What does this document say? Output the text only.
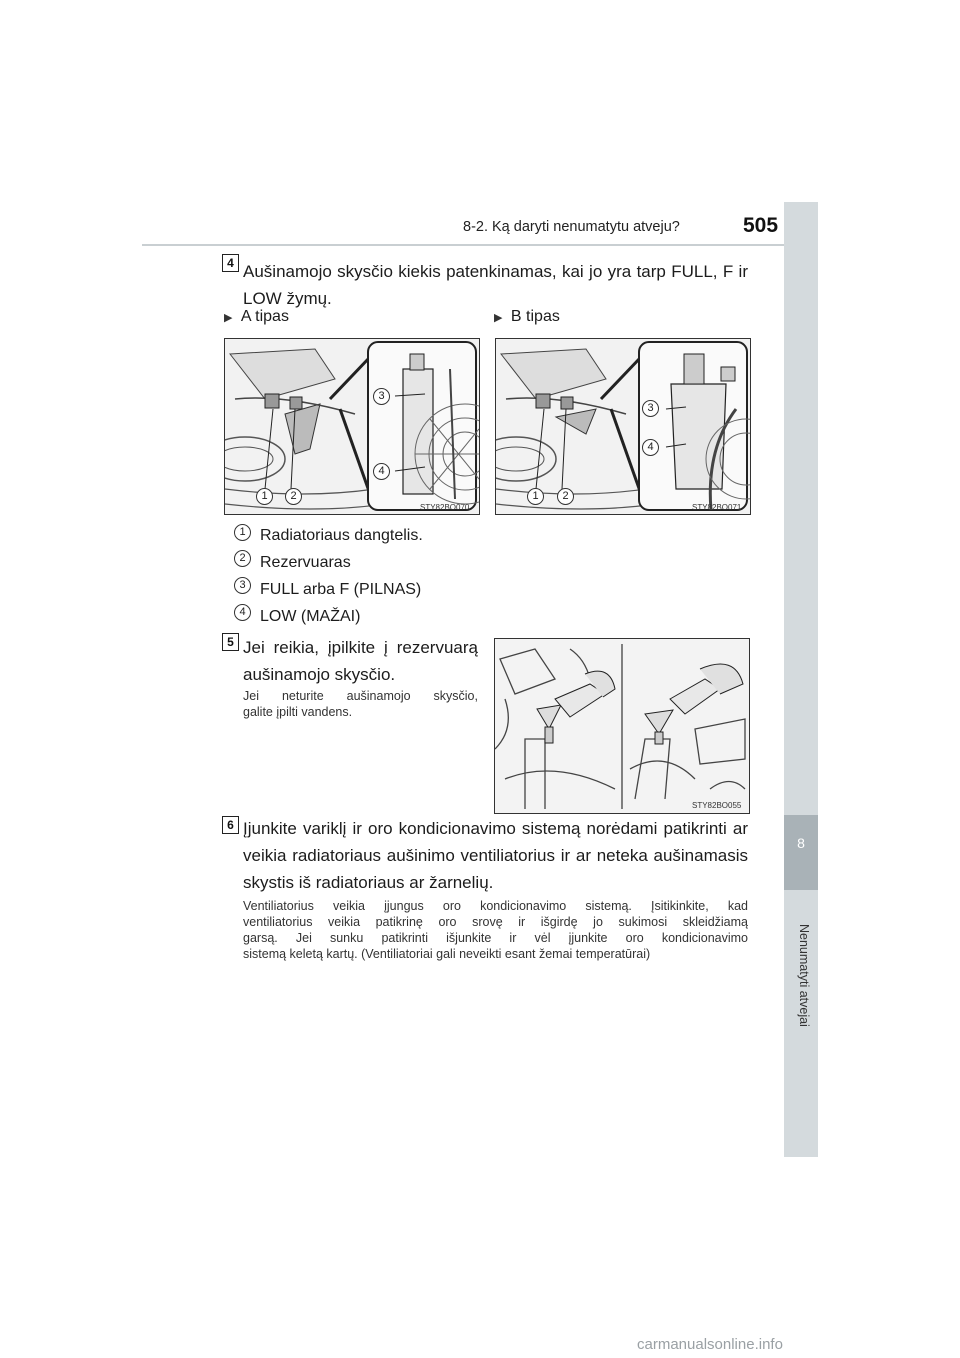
8-2. Ką daryti nenumatytu atveju?	505
8
Nenumatyti atvejai
4 Aušinamojo skysčio kiekis patenkinamas, kai jo yra tarp FULL, F ir
LOW žymų.
▶ A tipas	▶ B tipas
3
4
1	2
STY82BO070
3
4
1	2
STY82BO071
1 Radiatoriaus dangtelis.
2 Rezervuaras
3 FULL arba F (PILNAS)
4 LOW (MAŽAI)
5 Jei reikia, įpilkite į rezervuarą
aušinamojo skysčio.
Jei neturite aušinamojo skysčio,
galite įpilti vandens.
STY82BO055
6 Įjunkite variklį ir oro kondicionavimo sistemą norėdami patikrinti ar
veikia radiatoriaus aušinimo ventiliatorius ir ar neteka aušinamasis
skystis iš radiatoriaus ar žarnelių.
Ventiliatorius veikia įjungus oro kondicionavimo sistemą. Įsitikinkite, kad
ventiliatorius veikia patikrinę oro srovę ir išgirdę jo sukimosi skleidžiamą
garsą. Jei sunku patikrinti išjunkite ir vėl įjunkite oro kondicionavimo
sistemą keletą kartų. (Ventiliatoriai gali neveikti esant žemai temperatūrai)
carmanualsonline.info
